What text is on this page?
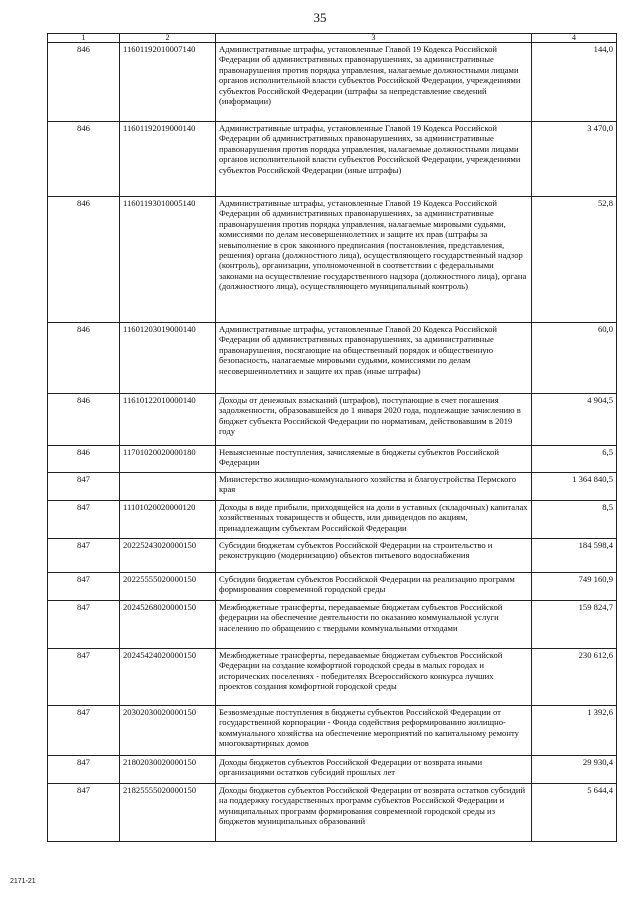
35
1	2	3	4
846	11601192010007140	Административные штрафы, установленные Главой 19 Кодекса Российской Федерации об административных правонарушениях, за административные правонарушения против порядка управления, налагаемые должностными лицами органов исполнительной власти субъектов Российской Федерации, учреждениями субъектов Российской Федерации (штрафы за непредставление сведений (информации)	144,0
846	11601192019000140	Административные штрафы, установленные Главой 19 Кодекса Российской Федерации об административных правонарушениях, за административные правонарушения против порядка управления, налагаемые должностными лицами органов исполнительной власти субъектов Российской Федерации, учреждениями субъектов Российской Федерации (иные штрафы)	3 470,0
846	11601193010005140	Административные штрафы, установленные Главой 19 Кодекса Российской Федерации об административных правонарушениях, за административные правонарушения против порядка управления, налагаемые мировыми судьями, комиссиями по делам несовершеннолетних и защите их прав (штрафы за невыполнение в срок законного предписания (постановления, представления, решения) органа (должностного лица), осуществляющего государственный надзор (контроль), организации, уполномоченной в соответствии с федеральными законами на осуществление государственного надзора (должностного лица), органа (должностного лица), осуществляющего муниципальный контроль)	52,8
846	11601203019000140	Административные штрафы, установленные Главой 20 Кодекса Российской Федерации об административных правонарушениях, за административные правонарушения, посягающие на общественный порядок и общественную безопасность, налагаемые мировыми судьями, комиссиями по делам несовершеннолетних и защите их прав (иные штрафы)	60,0
846	11610122010000140	Доходы от денежных взысканий (штрафов), поступающие в счет погашения задолженности, образовавшейся до 1 января 2020 года, подлежащие зачислению в бюджет субъекта Российской Федерации по нормативам, действовавшим в 2019 году	4 904,5
846	11701020020000180	Невыясненные поступления, зачисляемые в бюджеты субъектов Российской Федерации	6,5
847		Министерство жилищно-коммунального хозяйства и благоустройства Пермского края	1 364 840,5
847	11101020020000120	Доходы в виде прибыли, приходящейся на доли в уставных (складочных) капиталах хозяйственных товариществ и обществ, или дивидендов по акциям, принадлежащим субъектам Российской Федерации	8,5
847	20225243020000150	Субсидии бюджетам субъектов Российской Федерации на строительство и реконструкцию (модернизацию) объектов питьевого водоснабжения	184 598,4
847	20225555020000150	Субсидии бюджетам субъектов Российской Федерации на реализацию программ формирования современной городской среды	749 160,9
847	20245268020000150	Межбюджетные трансферты, передаваемые бюджетам субъектов Российской федерации на обеспечение деятельности по оказанию коммунальной услуги населению по обращению с твердыми коммунальными отходами	159 824,7
847	20245424020000150	Межбюджетные трансферты, передаваемые бюджетам субъектов Российской Федерации на создание комфортной городской среды в малых городах и исторических поселениях - победителях Всероссийского конкурса лучших проектов создания комфортной городской среды	230 612,6
847	20302030020000150	Безвозмездные поступления в бюджеты субъектов Российской Федерации от государственной корпорации - Фонда содействия реформированию жилищно-коммунального хозяйства на обеспечение мероприятий по капитальному ремонту многоквартирных домов	1 392,6
847	21802030020000150	Доходы бюджетов субъектов Российской Федерации от возврата иными организациями остатков субсидий прошлых лет	29 930,4
847	21825555020000150	Доходы бюджетов субъектов Российской Федерации от возврата остатков субсидий на поддержку государственных программ субъектов Российской Федерации и муниципальных программ формирования современной городской среды из бюджетов муниципальных образований	5 644,4
2171-21
